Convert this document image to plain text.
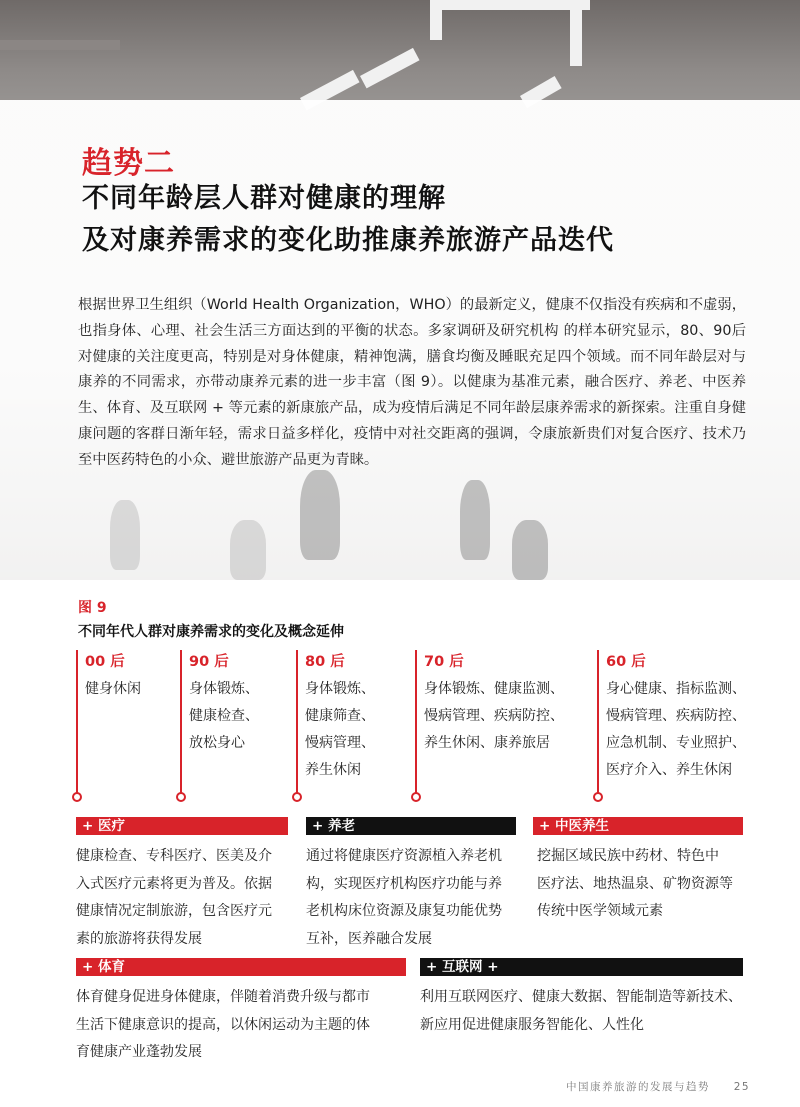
趋势二
不同年龄层人群对健康的理解
及对康养需求的变化助推康养旅游产品迭代
根据世界卫生组织（World Health Organization，WHO）的最新定义，健康不仅指没有疾病和不虚弱，也指身体、心理、社会生活三方面达到的平衡的状态。多家调研及研究机构 的样本研究显示，80、90后对健康的关注度更高，特别是对身体健康，精神饱满，膳食均衡及睡眠充足四个领域。而不同年龄层对与康养的不同需求，亦带动康养元素的进一步丰富（图 9）。以健康为基准元素，融合医疗、养老、中医养生、体育、及互联网 + 等元素的新康旅产品，成为疫情后满足不同年龄层康养需求的新探索。注重自身健康问题的客群日渐年轻，需求日益多样化，疫情中对社交距离的强调，令康旅新贵们对复合医疗、技术乃至中医药特色的小众、避世旅游产品更为青睐。
图 9
不同年代人群对康养需求的变化及概念延伸
00 后
健身休闲
90 后
身体锻炼、
健康检查、
放松身心
80 后
身体锻炼、
健康筛查、
慢病管理、
养生休闲
70 后
身体锻炼、健康监测、
慢病管理、疾病防控、
养生休闲、康养旅居
60 后
身心健康、指标监测、
慢病管理、疾病防控、
应急机制、专业照护、
医疗介入、养生休闲
+ 医疗
健康检查、专科医疗、医美及介
入式医疗元素将更为普及。依据
健康情况定制旅游，包含医疗元
素的旅游将获得发展
+ 养老
通过将健康医疗资源植入养老机
构，实现医疗机构医疗功能与养
老机构床位资源及康复功能优势
互补，医养融合发展
+ 中医养生
挖掘区域民族中药材、特色中
医疗法、地热温泉、矿物资源等
传统中医学领域元素
+ 体育
体育健身促进身体健康，伴随着消费升级与都市
生活下健康意识的提高，以休闲运动为主题的体
育健康产业蓬勃发展
+ 互联网 +
利用互联网医疗、健康大数据、智能制造等新技术、
新应用促进健康服务智能化、人性化
中国康养旅游的发展与趋势 25
